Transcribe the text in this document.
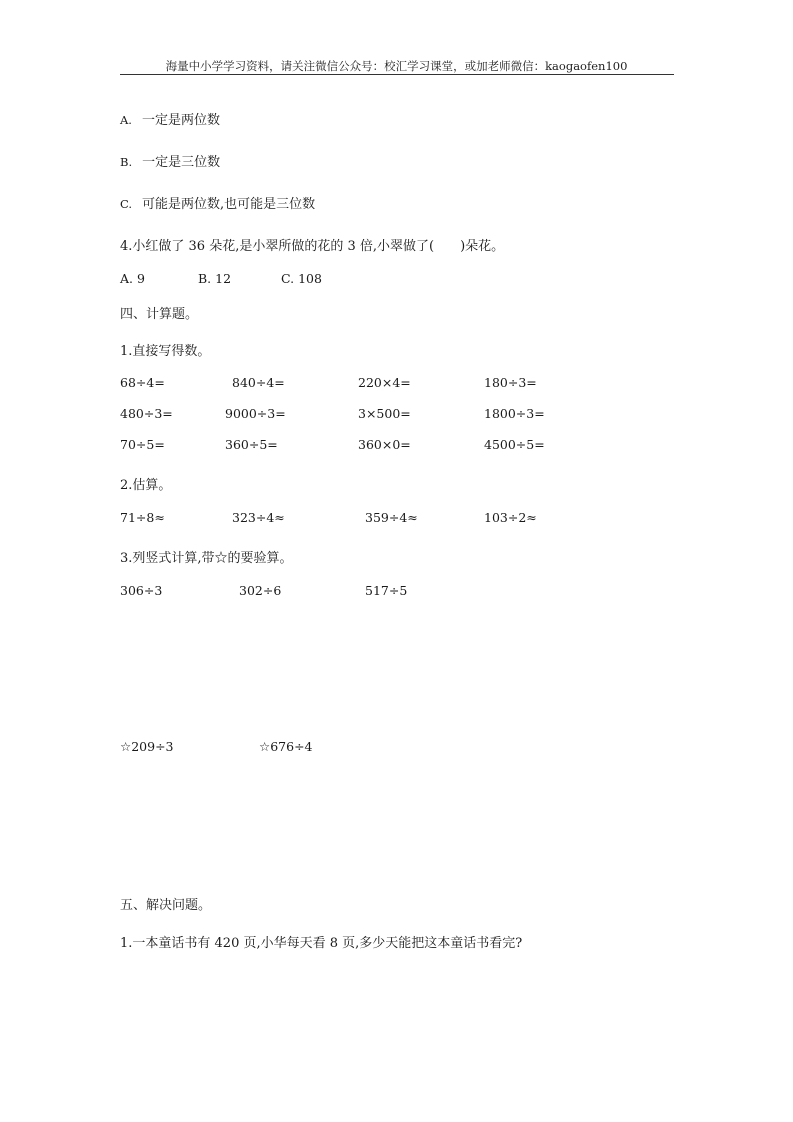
海量中小学学习资料，请关注微信公众号：校汇学习课堂，或加老师微信：kaogaofen100
A. 一定是两位数
B. 一定是三位数
C. 可能是两位数,也可能是三位数
4.小红做了 36 朵花,是小翠所做的花的 3 倍,小翠做了(　　)朵花。
A. 9	B. 12	C. 108
四、计算题。
1.直接写得数。
68÷4=	840÷4=	220×4=	180÷3=
480÷3=	9000÷3=	3×500=	1800÷3=
70÷5=	360÷5=	360×0=	4500÷5=
2.估算。
71÷8≈	323÷4≈	359÷4≈	103÷2≈
3.列竖式计算,带☆的要验算。
306÷3	302÷6	517÷5
☆209÷3	☆676÷4
五、解决问题。
1.一本童话书有 420 页,小华每天看 8 页,多少天能把这本童话书看完?
